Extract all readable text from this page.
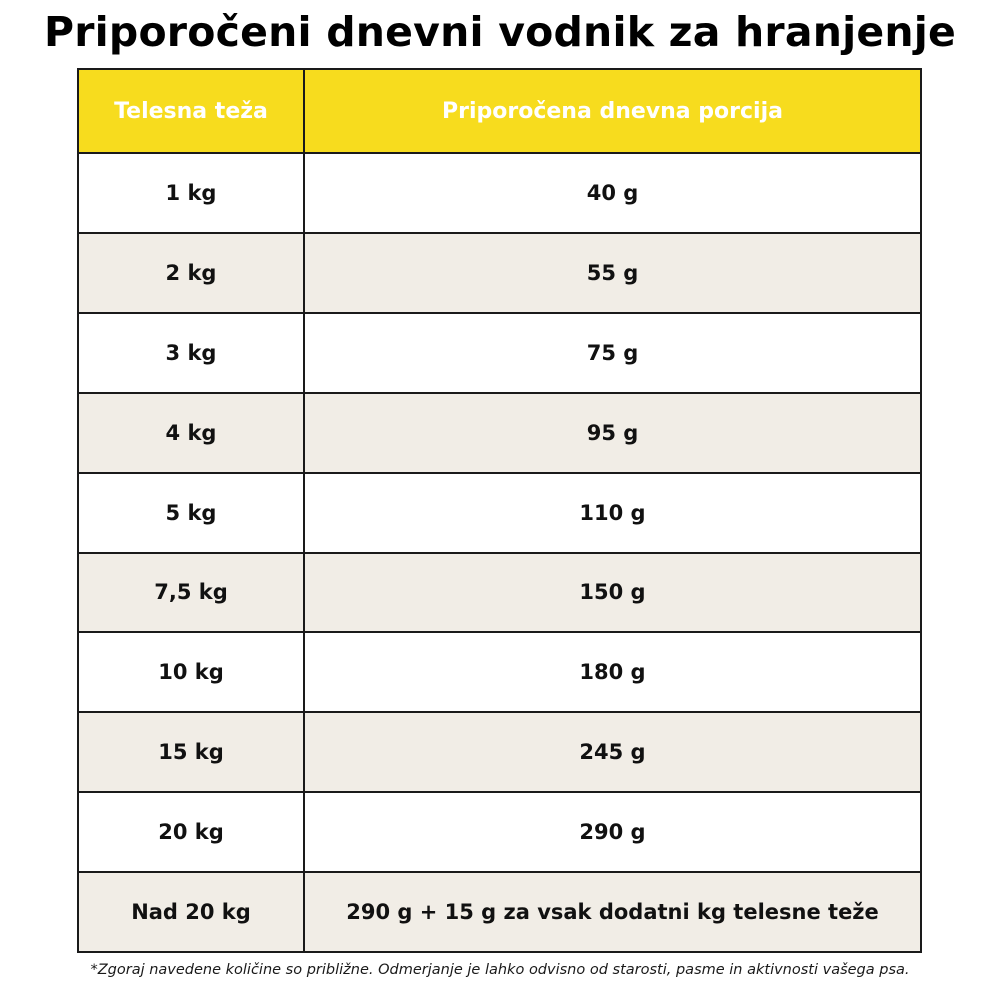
Priporočeni dnevni vodnik za hranjenje
Telesna teža	Priporočena dnevna porcija
1 kg	40 g
2 kg	55 g
3 kg	75 g
4 kg	95 g
5 kg	110 g
7,5 kg	150 g
10 kg	180 g
15 kg	245 g
20 kg	290 g
Nad 20 kg	290 g + 15 g za vsak dodatni kg telesne teže
*Zgoraj navedene količine so približne. Odmerjanje je lahko odvisno od starosti, pasme in aktivnosti vašega psa.
